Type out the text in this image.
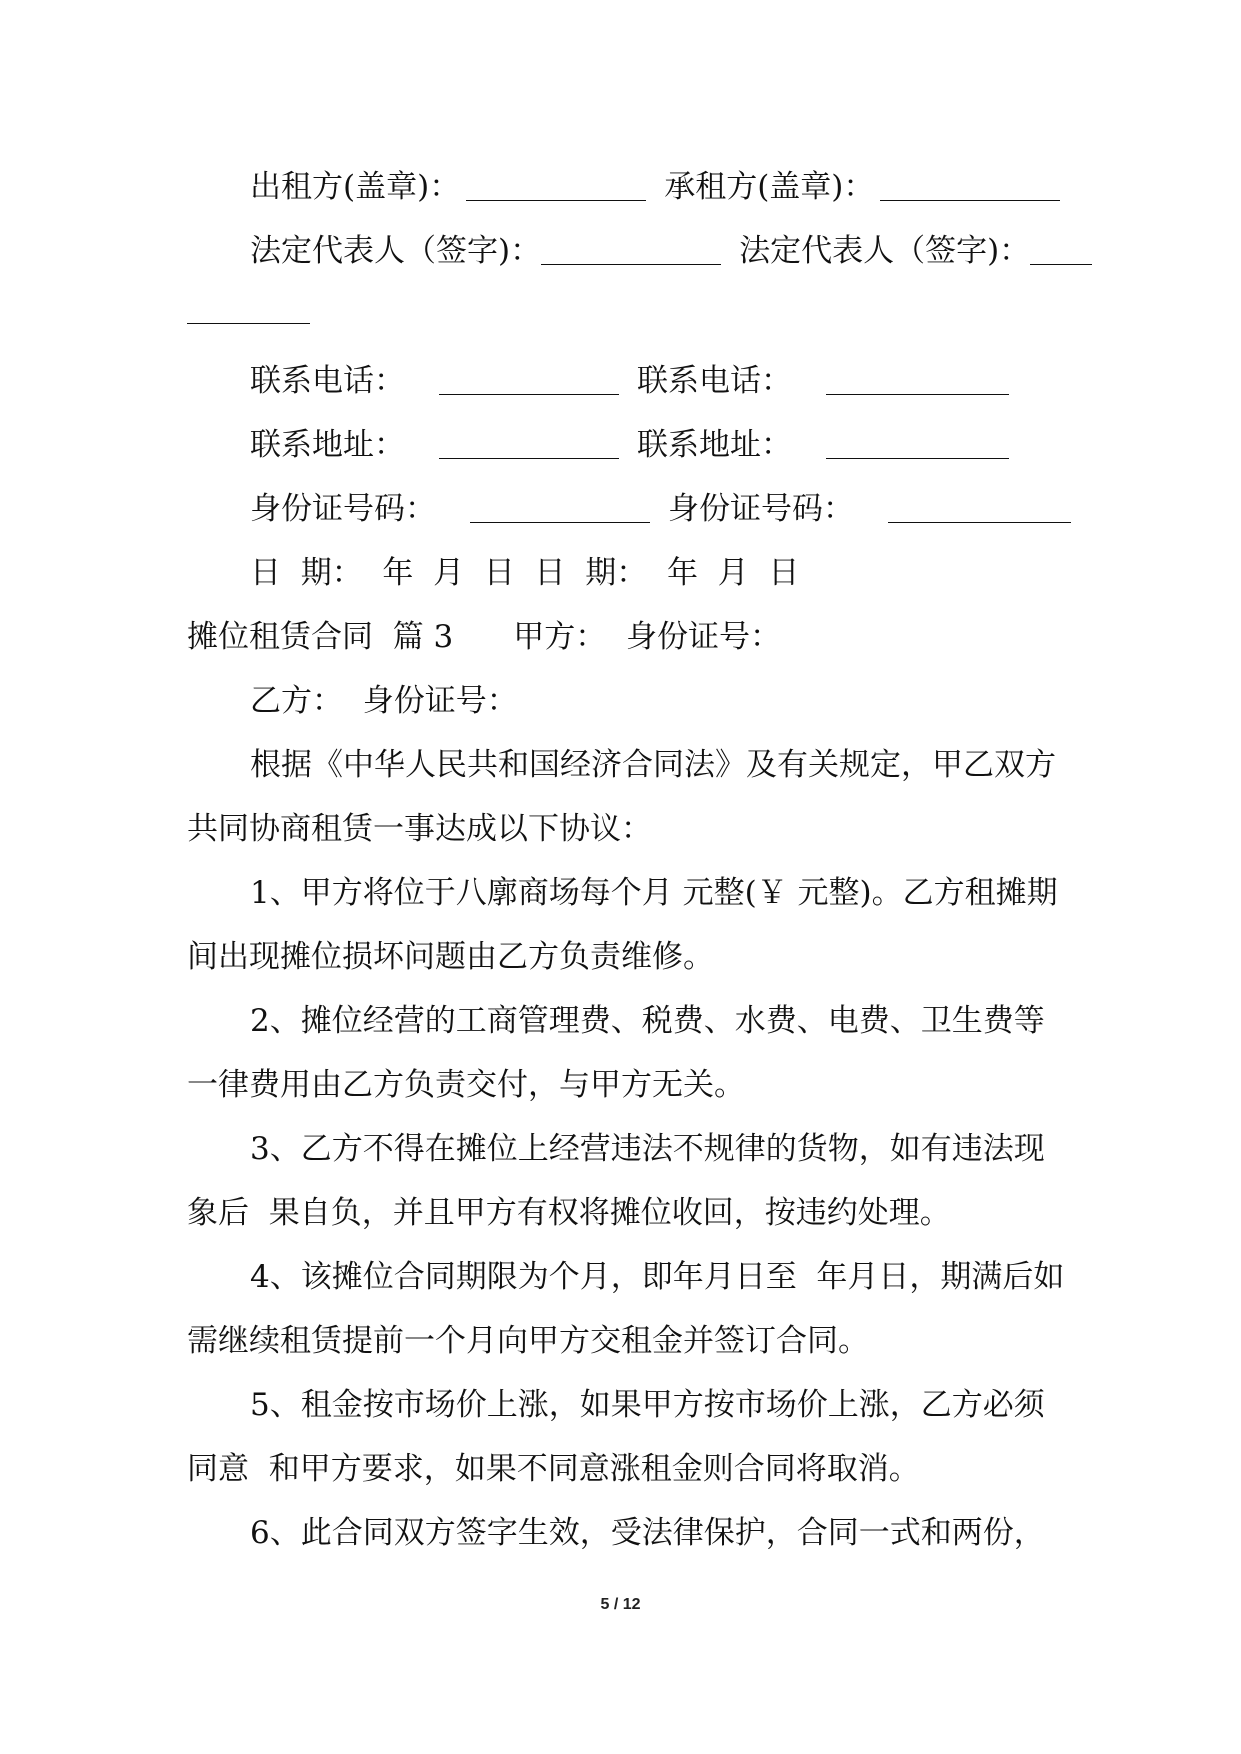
出租方(盖章)：	承租方(盖章)：
法定代表人（签字)：	法定代表人（签字)：
联系电话：	联系电话：
联系地址：	联系地址：
身份证号码：	身份证号码：
日  期：  年  月  日  日  期：  年  月  日
摊位租赁合同  篇 3 甲方：  身份证号：
乙方：  身份证号：
根据《中华人民共和国经济合同法》及有关规定，甲乙双方
共同协商租赁一事达成以下协议：
1、甲方将位于八廓商场每个月 元整(￥ 元整)。乙方租摊期
间出现摊位损坏问题由乙方负责维修。
2、摊位经营的工商管理费、税费、水费、电费、卫生费等
一律费用由乙方负责交付，与甲方无关。
3、乙方不得在摊位上经营违法不规律的货物，如有违法现
象后  果自负，并且甲方有权将摊位收回，按违约处理。
4、该摊位合同期限为个月，即年月日至  年月日，期满后如
需继续租赁提前一个月向甲方交租金并签订合同。
5、租金按市场价上涨，如果甲方按市场价上涨，乙方必须
同意  和甲方要求，如果不同意涨租金则合同将取消。
6、此合同双方签字生效，受法律保护，合同一式和两份，
5 / 12
